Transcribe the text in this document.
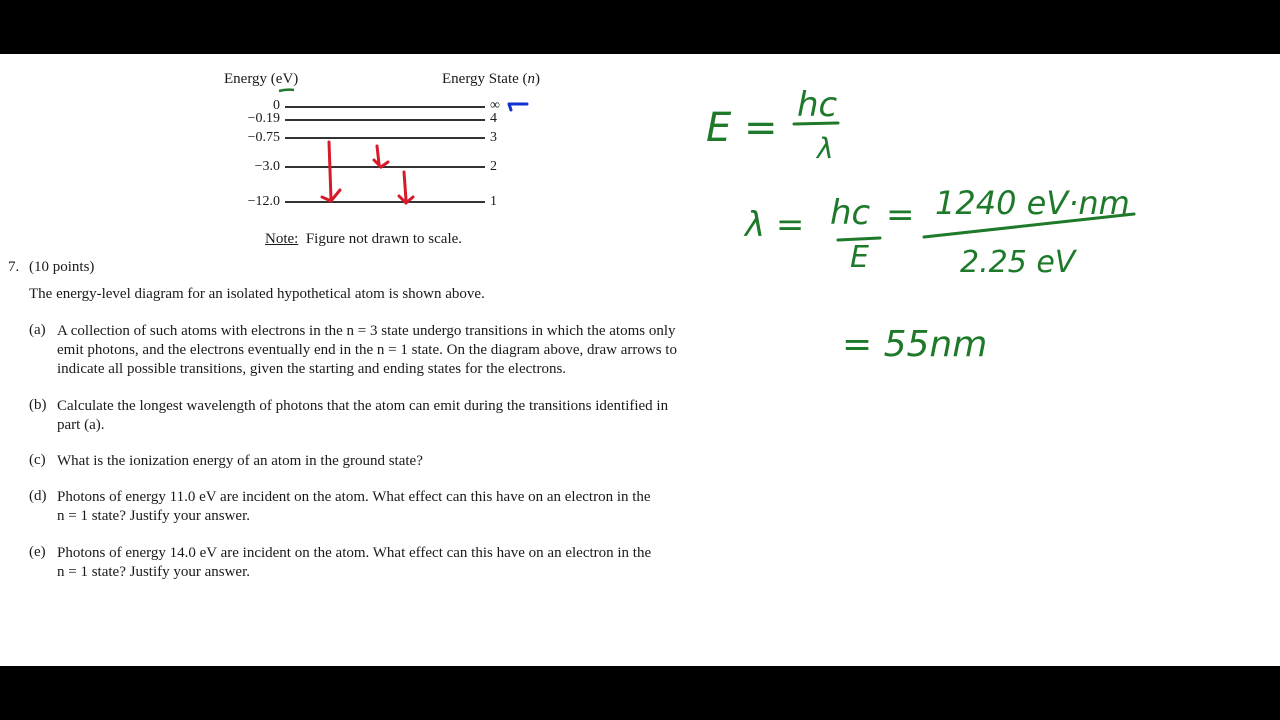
Energy (eV)	Energy State (n)
0	∞
−0.19	4
−0.75	3
−3.0	2
−12.0	1
Note: Figure not drawn to scale.
7. (10 points)
The energy-level diagram for an isolated hypothetical atom is shown above.
(a) A collection of such atoms with electrons in the n = 3 state undergo transitions in which the atoms only
emit photons, and the electrons eventually end in the n = 1 state. On the diagram above, draw arrows to
indicate all possible transitions, given the starting and ending states for the electrons.
(b) Calculate the longest wavelength of photons that the atom can emit during the transitions identified in
part (a).
(c) What is the ionization energy of an atom in the ground state?
(d) Photons of energy 11.0 eV are incident on the atom. What effect can this have on an electron in the
n = 1 state? Justify your answer.
(e) Photons of energy 14.0 eV are incident on the atom. What effect can this have on an electron in the
n = 1 state? Justify your answer.
E = hc
λ
λ = hc
E
= 1240 eV·nm
2.25 eV
= 55nm
